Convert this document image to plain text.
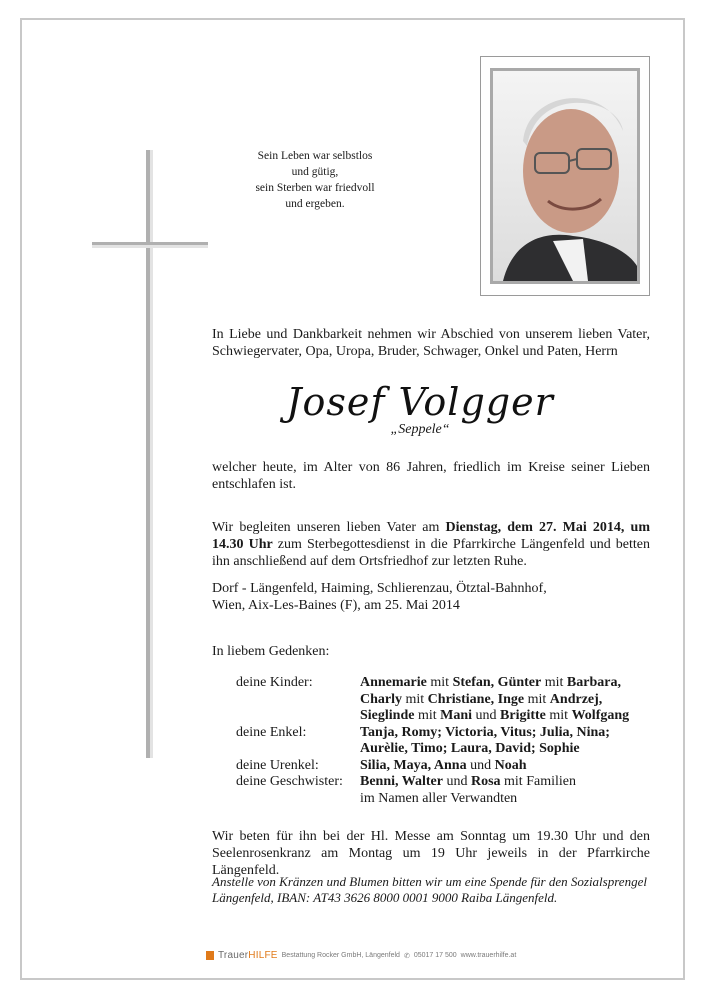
Sein Leben war selbstlos
und gütig,
sein Sterben war friedvoll
und ergeben.
In Liebe und Dankbarkeit nehmen wir Abschied von unserem lieben Vater, Schwiegervater, Opa, Uropa, Bruder, Schwager, Onkel und Paten, Herrn
Josef Volgger
„Seppele“
welcher heute, im Alter von 86 Jahren, friedlich im Kreise seiner Lieben entschlafen ist.
Wir begleiten unseren lieben Vater am Dienstag, dem 27. Mai 2014, um 14.30 Uhr zum Sterbegottesdienst in die Pfarrkirche Längenfeld und betten ihn anschließend auf dem Ortsfriedhof zur letzten Ruhe.
Dorf - Längenfeld, Haiming, Schlierenzau, Ötztal-Bahnhof,
Wien, Aix-Les-Baines (F), am 25. Mai 2014
In liebem Gedenken:
deine Kinder:	Annemarie mit Stefan, Günter mit Barbara,
Charly mit Christiane, Inge mit Andrzej,
Sieglinde mit Mani und Brigitte mit Wolfgang
deine Enkel:	Tanja, Romy; Victoria, Vitus; Julia, Nina;
Aurèlie, Timo; Laura, David; Sophie
deine Urenkel:	Silia, Maya, Anna und Noah
deine Geschwister:	Benni, Walter und Rosa mit Familien
im Namen aller Verwandten
Wir beten für ihn bei der Hl. Messe am Sonntag um 19.30 Uhr und den Seelenrosenkranz am Montag um 19 Uhr jeweils in der Pfarrkirche Längenfeld.
Anstelle von Kränzen und Blumen bitten wir um eine Spende für den Sozialsprengel Längenfeld, IBAN: AT43 3626 8000 0001 9000 Raiba Längenfeld.
TrauerHILFE Bestattung Rocker GmbH, Längenfeld ✆ 05017 17 500 www.trauerhilfe.at
